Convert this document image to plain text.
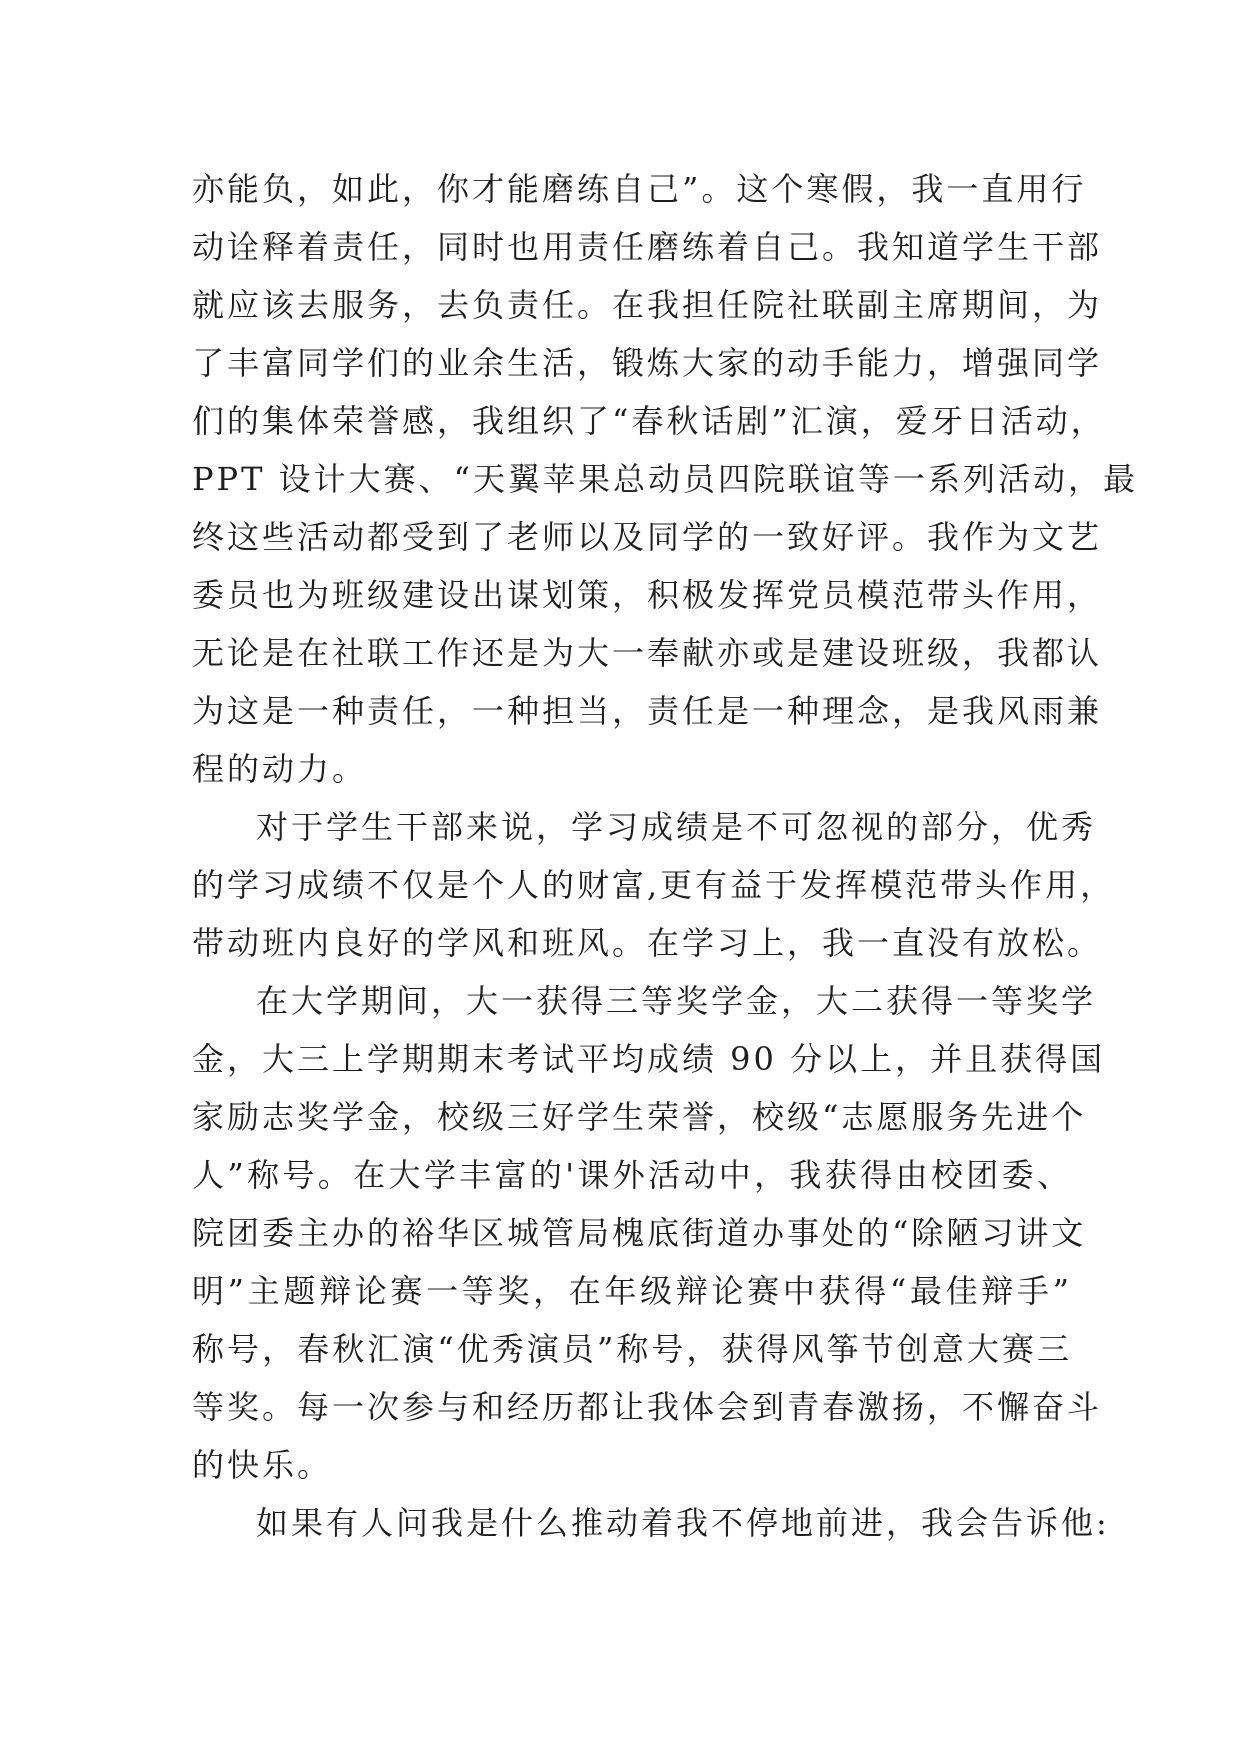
亦能负，如此，你才能磨练自己”。这个寒假，我一直用行
动诠释着责任，同时也用责任磨练着自己。我知道学生干部
就应该去服务，去负责任。在我担任院社联副主席期间，为
了丰富同学们的业余生活，锻炼大家的动手能力，增强同学
们的集体荣誉感，我组织了“春秋话剧”汇演，爱牙日活动，
PPT 设计大赛、“天翼苹果总动员四院联谊等一系列活动，最
终这些活动都受到了老师以及同学的一致好评。我作为文艺
委员也为班级建设出谋划策，积极发挥党员模范带头作用，
无论是在社联工作还是为大一奉献亦或是建设班级，我都认
为这是一种责任，一种担当，责任是一种理念，是我风雨兼
程的动力。
对于学生干部来说，学习成绩是不可忽视的部分，优秀
的学习成绩不仅是个人的财富,更有益于发挥模范带头作用，
带动班内良好的学风和班风。在学习上，我一直没有放松。
在大学期间，大一获得三等奖学金，大二获得一等奖学
金，大三上学期期末考试平均成绩 90 分以上，并且获得国
家励志奖学金，校级三好学生荣誉，校级“志愿服务先进个
人”称号。在大学丰富的'课外活动中，我获得由校团委、
院团委主办的裕华区城管局槐底街道办事处的“除陋习讲文
明”主题辩论赛一等奖，在年级辩论赛中获得“最佳辩手”
称号，春秋汇演“优秀演员”称号，获得风筝节创意大赛三
等奖。每一次参与和经历都让我体会到青春激扬，不懈奋斗
的快乐。
如果有人问我是什么推动着我不停地前进，我会告诉他:
